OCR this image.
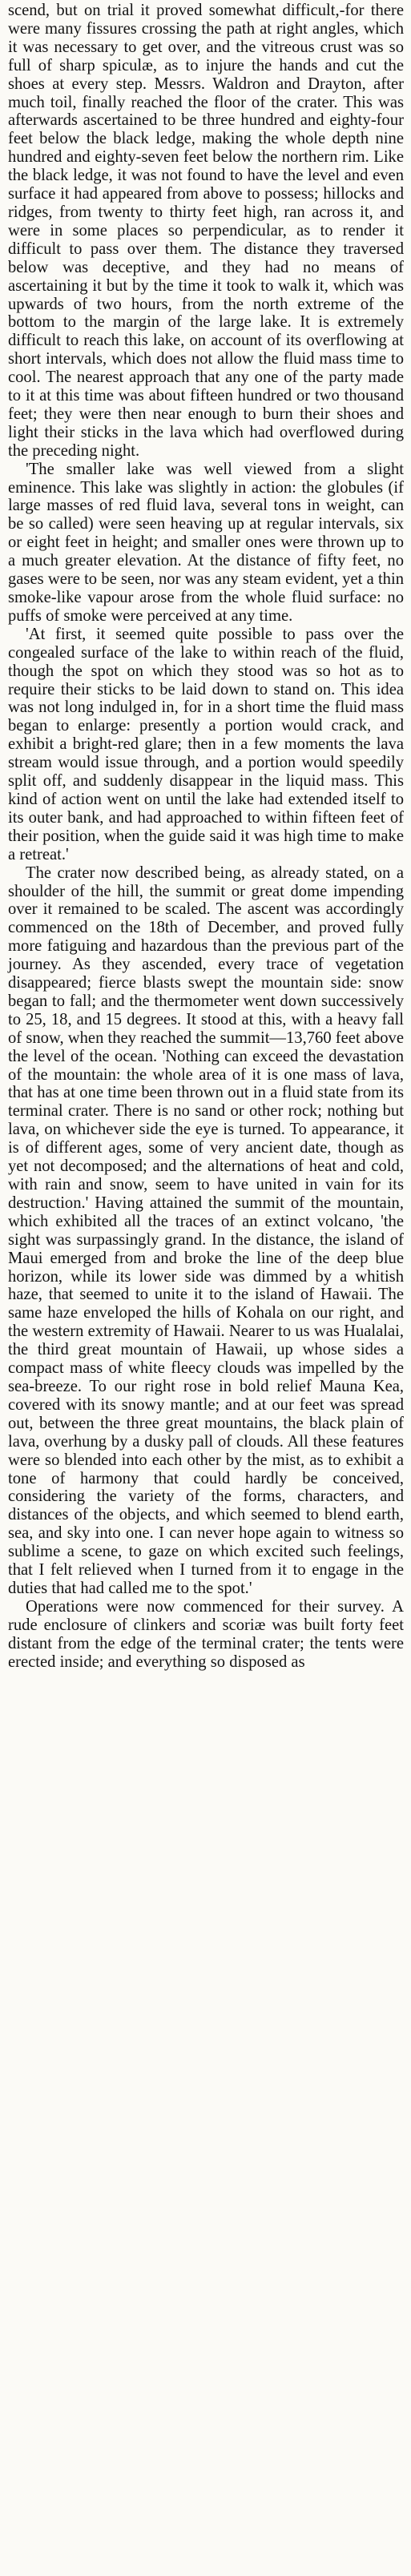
scend, but on trial it proved somewhat difficult,-for there were many fissures crossing the path at right angles, which it was necessary to get over, and the vitreous crust was so full of sharp spiculæ, as to injure the hands and cut the shoes at every step. Messrs. Waldron and Drayton, after much toil, finally reached the floor of the crater. This was afterwards ascertained to be three hundred and eighty-four feet below the black ledge, making the whole depth nine hundred and eighty-seven feet below the northern rim. Like the black ledge, it was not found to have the level and even surface it had appeared from above to possess; hillocks and ridges, from twenty to thirty feet high, ran across it, and were in some places so perpendicular, as to render it difficult to pass over them. The distance they traversed below was deceptive, and they had no means of ascertaining it but by the time it took to walk it, which was upwards of two hours, from the north extreme of the bottom to the margin of the large lake. It is extremely difficult to reach this lake, on account of its overflowing at short intervals, which does not allow the fluid mass time to cool. The nearest approach that any one of the party made to it at this time was about fifteen hundred or two thousand feet; they were then near enough to burn their shoes and light their sticks in the lava which had overflowed during the preceding night.

'The smaller lake was well viewed from a slight eminence. This lake was slightly in action: the globules (if large masses of red fluid lava, several tons in weight, can be so called) were seen heaving up at regular intervals, six or eight feet in height; and smaller ones were thrown up to a much greater elevation. At the distance of fifty feet, no gases were to be seen, nor was any steam evident, yet a thin smoke-like vapour arose from the whole fluid surface: no puffs of smoke were perceived at any time.

'At first, it seemed quite possible to pass over the congealed surface of the lake to within reach of the fluid, though the spot on which they stood was so hot as to require their sticks to be laid down to stand on. This idea was not long indulged in, for in a short time the fluid mass began to enlarge: presently a portion would crack, and exhibit a bright-red glare; then in a few moments the lava stream would issue through, and a portion would speedily split off, and suddenly disappear in the liquid mass. This kind of action went on until the lake had extended itself to its outer bank, and had approached to within fifteen feet of their position, when the guide said it was high time to make a retreat.'

The crater now described being, as already stated, on a shoulder of the hill, the summit or great dome impending over it remained to be scaled. The ascent was accordingly commenced on the 18th of December, and proved fully more fatiguing and hazardous than the previous part of the journey. As they ascended, every trace of vegetation disappeared; fierce blasts swept the mountain side: snow began to fall; and the thermometer went down successively to 25, 18, and 15 degrees. It stood at this, with a heavy fall of snow, when they reached the summit—13,760 feet above the level of the ocean. 'Nothing can exceed the devastation of the mountain: the whole area of it is one mass of lava, that has at one time been thrown out in a fluid state from its terminal crater. There is no sand or other rock; nothing but lava, on whichever side the eye is turned. To appearance, it is of different ages, some of very ancient date, though as yet not decomposed; and the alternations of heat and cold, with rain and snow, seem to have united in vain for its destruction.' Having attained the summit of the mountain, which exhibited all the traces of an extinct volcano, 'the sight was surpassingly grand. In the distance, the island of Maui emerged from and broke the line of the deep blue horizon, while its lower side was dimmed by a whitish haze, that seemed to unite it to the island of Hawaii. The same haze enveloped the hills of Kohala on our right, and the western extremity of Hawaii. Nearer to us was Hualalai, the third great mountain of Hawaii, up whose sides a compact mass of white fleecy clouds was impelled by the sea-breeze. To our right rose in bold relief Mauna Kea, covered with its snowy mantle; and at our feet was spread out, between the three great mountains, the black plain of lava, overhung by a dusky pall of clouds. All these features were so blended into each other by the mist, as to exhibit a tone of harmony that could hardly be conceived, considering the variety of the forms, characters, and distances of the objects, and which seemed to blend earth, sea, and sky into one. I can never hope again to witness so sublime a scene, to gaze on which excited such feelings, that I felt relieved when I turned from it to engage in the duties that had called me to the spot.'

Operations were now commenced for their survey. A rude enclosure of clinkers and scoriæ was built forty feet distant from the edge of the terminal crater; the tents were erected inside; and everything so disposed as
